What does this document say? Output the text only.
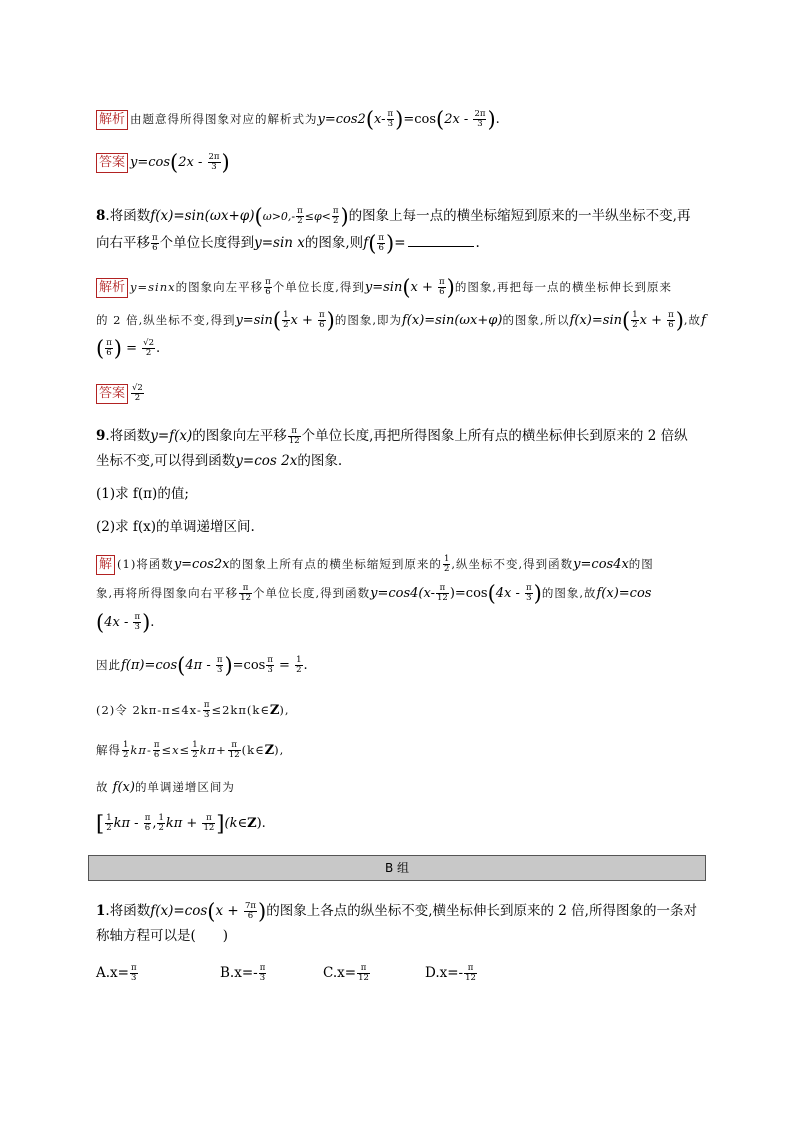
解析 由题意得所得图象对应的解析式为$y=\cos 2(x- \frac{\pi}{3} )=\cos(2x - \frac{2\pi}{3}$ ).
答案 $y=\cos(2x - \frac{2\pi}{3}$ )
8.将函数$f(x)=\sin(\omega x+\varphi)(\omega>0,- \frac{\pi}{2} \le\varphi< \frac{\pi}{2}$ )的图象上每一点的横坐标缩短到原来的一半纵坐标不变,再
向右平移 $\frac{\pi}{6}$ 个单位长度得到y=sin x的图象,则$f( \frac{\pi}{6}$ )=	.
解析 y=sinx的图象向左平移 $\frac{\pi}{6}$ 个单位长度,得到$y=\sin(x + \frac{\pi}{6}$ )的图象,再把每一点的横坐标伸长到原来
的 2 倍,纵坐标不变,得到$y=\sin( \frac{1}{2}$ $x + \frac{\pi}{6}$ )的图象,即为f(x)=sin(ωx+φ)的图象,所以$f(x)=\sin( \frac{1}{2}$ $x + \frac{\pi}{6}$ ),故f
( $\frac{\pi}{6}$ ) = $\frac{√2}{2}$ .
答案 $\frac{√2}{2}$
9.将函数y=f(x)的图象向左平移 $\frac{\pi}{12}$ 个单位长度,再把所得图象上所有点的横坐标伸长到原来的 2 倍纵
坐标不变,可以得到函数y=cos 2x的图象.
(1)求 f(π)的值;
(2)求 f(x)的单调递增区间.
解 (1)将函数y=cos2x的图象上所有点的横坐标缩短到原来的 $\frac{1}{2}$ ,纵坐标不变,得到函数y=cos4x的图
象,再将所得图象向右平移 $\frac{\pi}{12}$ 个单位长度,得到函数$y=\cos 4(x- \frac{\pi}{12} )=\cos(4x - \frac{\pi}{3}$ )的图象,故f(x)=cos
($4x - \frac{\pi}{3}$ ).
因此$f(\pi)=\cos(4\pi - \frac{\pi}{3} )=\cos \frac{\pi}{3} = \frac{1}{2}$ .
(2)令 $2k\pi-\pi\le 4x- \frac{\pi}{3}$ ≤2kπ(k∈Z),
解得 $\frac{1}{2} k\pi- \frac{\pi}{6} \le x\le \frac{1}{2} k\pi+ \frac{\pi}{12}$ (k∈Z),
故 f(x)的单调递增区间为
[ $\frac{1}{2}$ kπ - $\frac{\pi}{6}$ , $\frac{1}{2}$ $k\pi + \frac{\pi}{12}$ ](k∈Z).
B 组
1.将函数$f(x)=\cos(x + \frac{7\pi}{6}$ )的图象上各点的纵坐标不变,横坐标伸长到原来的 2 倍,所得图象的一条对
称轴方程可以是(　　)
$A.x= \frac{\pi}{3}$	$B.x=- \frac{\pi}{3}$	$C.x= \frac{\pi}{12}$	$D.x=- \frac{\pi}{12}$
